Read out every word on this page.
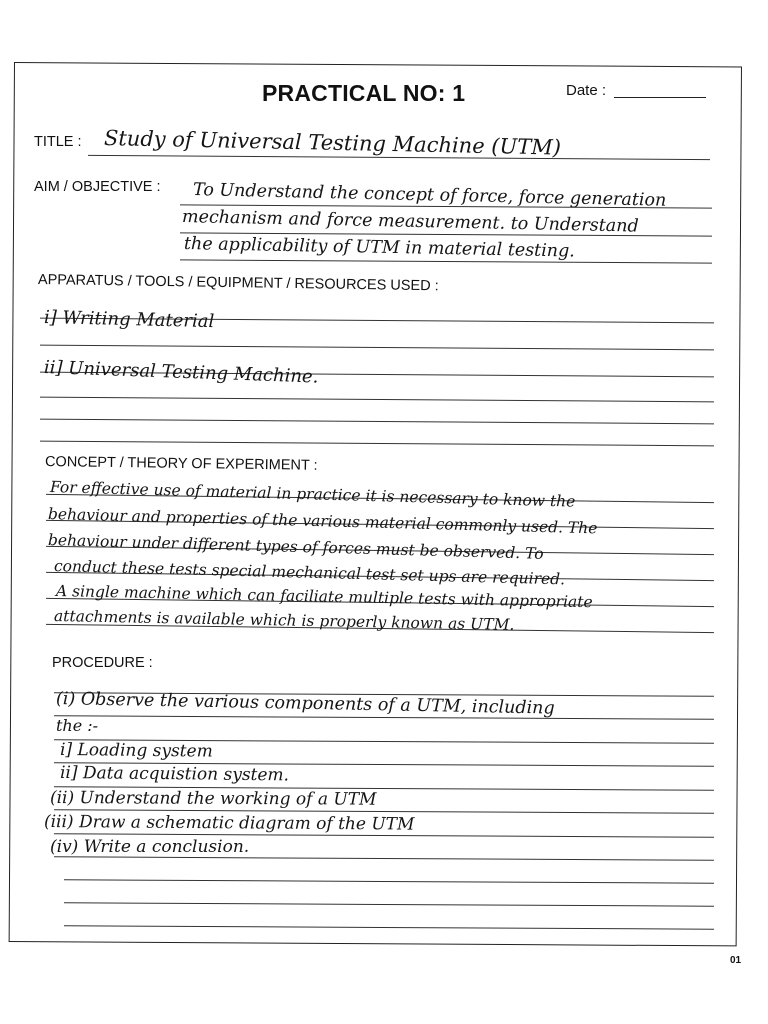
PRACTICAL NO: 1	Date :
TITLE : Study of Universal Testing Machine (UTM)
AIM / OBJECTIVE : To Understand the concept of force, force generation
mechanism and force measurement. to Understand
the applicability of UTM in material testing.
APPARATUS / TOOLS / EQUIPMENT / RESOURCES USED :
i] Writing Material
ii] Universal Testing Machine.
CONCEPT / THEORY OF EXPERIMENT :
For effective use of material in practice it is necessary to know the
behaviour and properties of the various material commonly used. The
behaviour under different types of forces must be observed. To
conduct these tests special mechanical test set ups are required.
A single machine which can faciliate multiple tests with appropriate
attachments is available which is properly known as UTM.
PROCEDURE :
(i) Observe the various components of a UTM, including
the :-
i] Loading system
ii] Data acquistion system.
(ii) Understand the working of a UTM
(iii) Draw a schematic diagram of the UTM
(iv) Write a conclusion.
01
